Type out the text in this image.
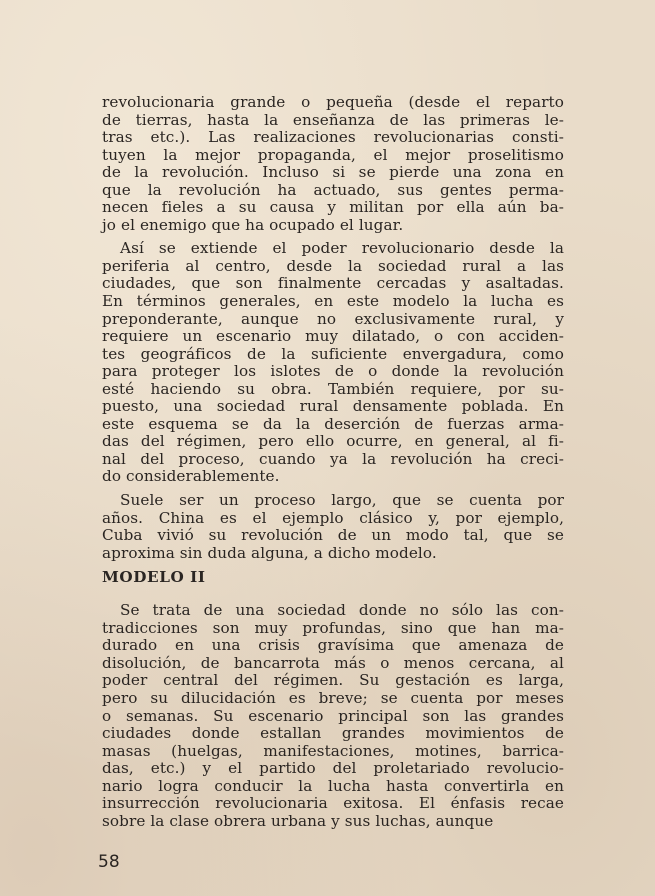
revolucionaria grande o pequeña (desde el reparto
de tierras, hasta la enseñanza de las primeras le-
tras etc.). Las realizaciones revolucionarias consti-
tuyen la mejor propaganda, el mejor proselitismo
de la revolución. Incluso si se pierde una zona en
que la revolución ha actuado, sus gentes perma-
necen fieles a su causa y militan por ella aún ba-
jo el enemigo que ha ocupado el lugar.
Así se extiende el poder revolucionario desde la
periferia al centro, desde la sociedad rural a las
ciudades, que son finalmente cercadas y asaltadas.
En términos generales, en este modelo la lucha es
preponderante, aunque no exclusivamente rural, y
requiere un escenario muy dilatado, o con acciden-
tes geográficos de la suficiente envergadura, como
para proteger los islotes de o donde la revolución
esté haciendo su obra. También requiere, por su-
puesto, una sociedad rural densamente poblada. En
este esquema se da la deserción de fuerzas arma-
das del régimen, pero ello ocurre, en general, al fi-
nal del proceso, cuando ya la revolución ha creci-
do considerablemente.
Suele ser un proceso largo, que se cuenta por
años. China es el ejemplo clásico y, por ejemplo,
Cuba vivió su revolución de un modo tal, que se
aproxima sin duda alguna, a dicho modelo.
MODELO II
Se trata de una sociedad donde no sólo las con-
tradicciones son muy profundas, sino que han ma-
durado en una crisis gravísima que amenaza de
disolución, de bancarrota más o menos cercana, al
poder central del régimen. Su gestación es larga,
pero su dilucidación es breve; se cuenta por meses
o semanas. Su escenario principal son las grandes
ciudades donde estallan grandes movimientos de
masas (huelgas, manifestaciones, motines, barrica-
das, etc.) y el partido del proletariado revolucio-
nario logra conducir la lucha hasta convertirla en
insurrección revolucionaria exitosa. El énfasis recae
sobre la clase obrera urbana y sus luchas, aunque
58
